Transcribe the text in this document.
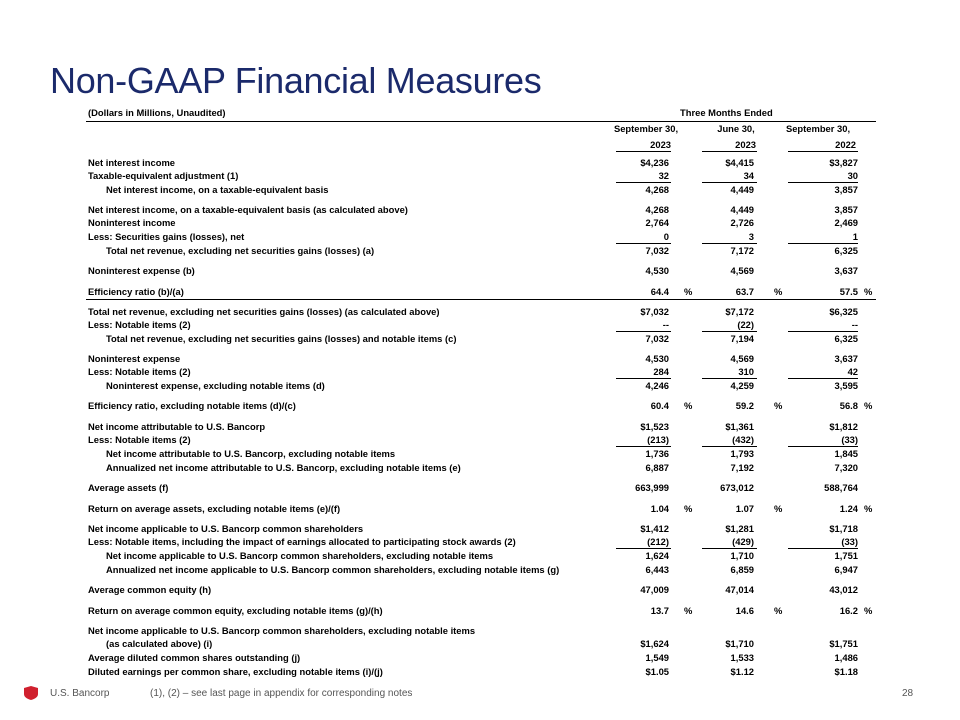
Non-GAAP Financial Measures
(Dollars in Millions, Unaudited)	Three Months Ended
September 30,	June 30,	September 30,
2023	2023	2022
Net interest income	$4,236	$4,415	$3,827
Taxable-equivalent adjustment (1)	32	34	30
Net interest income, on a taxable-equivalent basis	4,268	4,449	3,857
Net interest income, on a taxable-equivalent basis (as calculated above)	4,268	4,449	3,857
Noninterest income	2,764	2,726	2,469
Less: Securities gains (losses), net	0	3	1
Total net revenue, excluding net securities gains (losses) (a)	7,032	7,172	6,325
Noninterest expense (b)	4,530	4,569	3,637
Efficiency ratio (b)/(a)	64.4 %	63.7 %	57.5 %
Total net revenue, excluding net securities gains (losses) (as calculated above)	$7,032	$7,172	$6,325
Less: Notable items (2)	--	(22)	--
Total net revenue, excluding net securities gains (losses) and notable items (c)	7,032	7,194	6,325
Noninterest expense	4,530	4,569	3,637
Less: Notable items (2)	284	310	42
Noninterest expense, excluding notable items (d)	4,246	4,259	3,595
Efficiency ratio, excluding notable items (d)/(c)	60.4 %	59.2 %	56.8 %
Net income attributable to U.S. Bancorp	$1,523	$1,361	$1,812
Less: Notable items (2)	(213)	(432)	(33)
Net income attributable to U.S. Bancorp, excluding notable items	1,736	1,793	1,845
Annualized net income attributable to U.S. Bancorp, excluding notable items (e)	6,887	7,192	7,320
Average assets (f)	663,999	673,012	588,764
Return on average assets, excluding notable items (e)/(f)	1.04 %	1.07 %	1.24 %
Net income applicable to U.S. Bancorp common shareholders	$1,412	$1,281	$1,718
Less: Notable items, including the impact of earnings allocated to participating stock awards (2)	(212)	(429)	(33)
Net income applicable to U.S. Bancorp common shareholders, excluding notable items	1,624	1,710	1,751
Annualized net income applicable to U.S. Bancorp common shareholders, excluding notable items (g)	6,443	6,859	6,947
Average common equity (h)	47,009	47,014	43,012
Return on average common equity, excluding notable items (g)/(h)	13.7 %	14.6 %	16.2 %
Net income applicable to U.S. Bancorp common shareholders, excluding notable items
(as calculated above) (i)	$1,624	$1,710	$1,751
Average diluted common shares outstanding (j)	1,549	1,533	1,486
Diluted earnings per common share, excluding notable items (i)/(j)	$1.05	$1.12	$1.18
U.S. Bancorp	(1), (2) – see last page in appendix for corresponding notes	28
